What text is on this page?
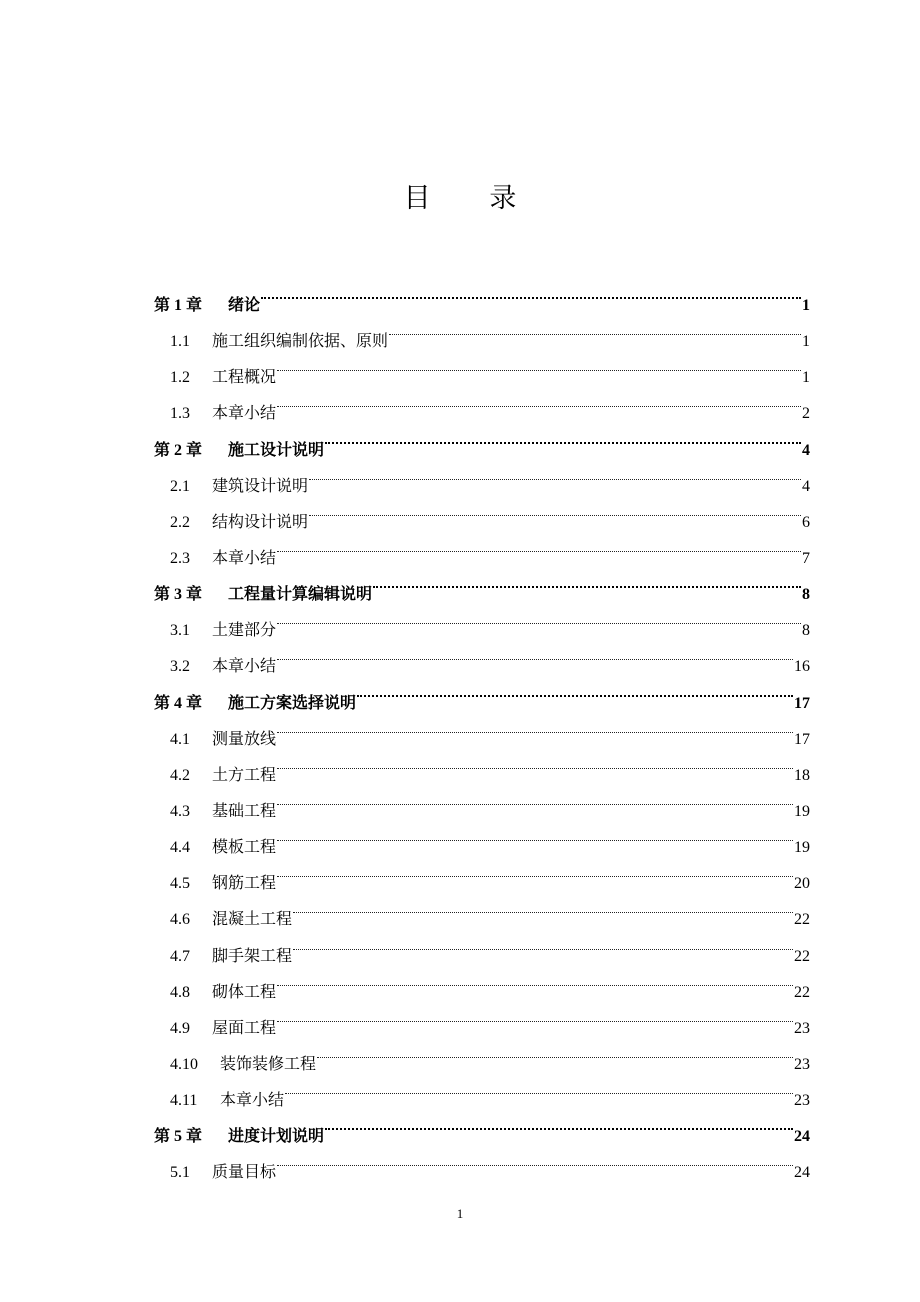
目 录
第 1 章	绪论	1
1.1	施工组织编制依据、原则	1
1.2	工程概况	1
1.3	本章小结	2
第 2 章	施工设计说明	4
2.1	建筑设计说明	4
2.2	结构设计说明	6
2.3	本章小结	7
第 3 章	工程量计算编辑说明	8
3.1	土建部分	8
3.2	本章小结	16
第 4 章	施工方案选择说明	17
4.1	测量放线	17
4.2	土方工程	18
4.3	基础工程	19
4.4	模板工程	19
4.5	钢筋工程	20
4.6	混凝土工程	22
4.7	脚手架工程	22
4.8	砌体工程	22
4.9	屋面工程	23
4.10	装饰装修工程	23
4.11	本章小结	23
第 5 章	进度计划说明	24
5.1	质量目标	24
1
